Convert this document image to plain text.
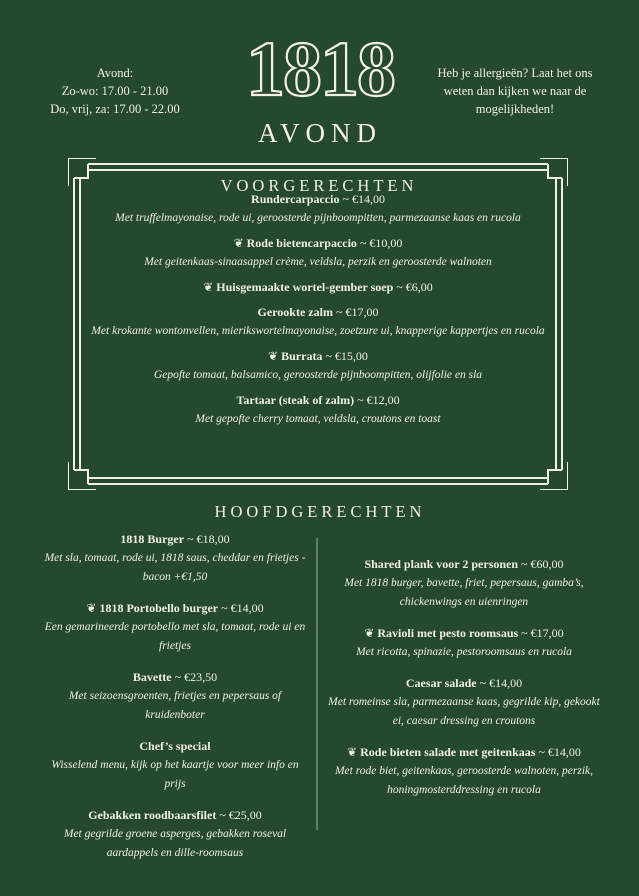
Avond:
Zo-wo: 17.00 - 21.00
Do, vrij, za: 17.00 - 22.00 1818
AVOND
Heb je allergieën? Laat het ons weten dan kijken we naar de mogelijkheden!
VOORGERECHTEN
Rundercarpaccio ~ €14,00
Met truffelmayonaise, rode ui, geroosterde pijnboompitten, parmezaanse kaas en rucola
❦ Rode bietencarpaccio ~ €10,00
Met geitenkaas-sinaasappel crème, veldsla, perzik en geroosterde walnoten
❦ Huisgemaakte wortel-gember soep ~ €6,00
Gerookte zalm ~ €17,00
Met krokante wontonvellen, mierikswortelmayonaise, zoetzure ui, knapperige kappertjes en rucola
❦ Burrata ~ €15,00
Gepofte tomaat, balsamico, geroosterde pijnboompitten, olijfolie en sla
Tartaar (steak of zalm) ~ €12,00
Met gepofte cherry tomaat, veldsla, croutons en toast
HOOFDGERECHTEN
1818 Burger ~ €18,00
Met sla, tomaat, rode ui, 1818 saus, cheddar en frietjes - bacon +€1,50
❦ 1818 Portobello burger ~ €14,00
Een gemarineerde portobello met sla, tomaat, rode ui en frietjes
Bavette ~ €23,50
Met seizoensgroenten, frietjes en pepersaus of kruidenboter
Chef’s special
Wisselend menu, kijk op het kaartje voor meer info en prijs
Gebakken roodbaarsfilet ~ €25,00
Met gegrilde groene asperges, gebakken roseval aardappels en dille-roomsaus
Shared plank voor 2 personen ~ €60,00
Met 1818 burger, bavette, friet, pepersaus, gamba’s, chickenwings en uienringen
❦ Ravioli met pesto roomsaus ~ €17,00
Met ricotta, spinazie, pestoroomsaus en rucola
Caesar salade ~ €14,00
Met romeinse sla, parmezaanse kaas, gegrilde kip, gekookt ei, caesar dressing en croutons
❦ Rode bieten salade met geitenkaas ~ €14,00
Met rode biet, geitenkaas, geroosterde walnoten, perzik, honingmosterddressing en rucola
